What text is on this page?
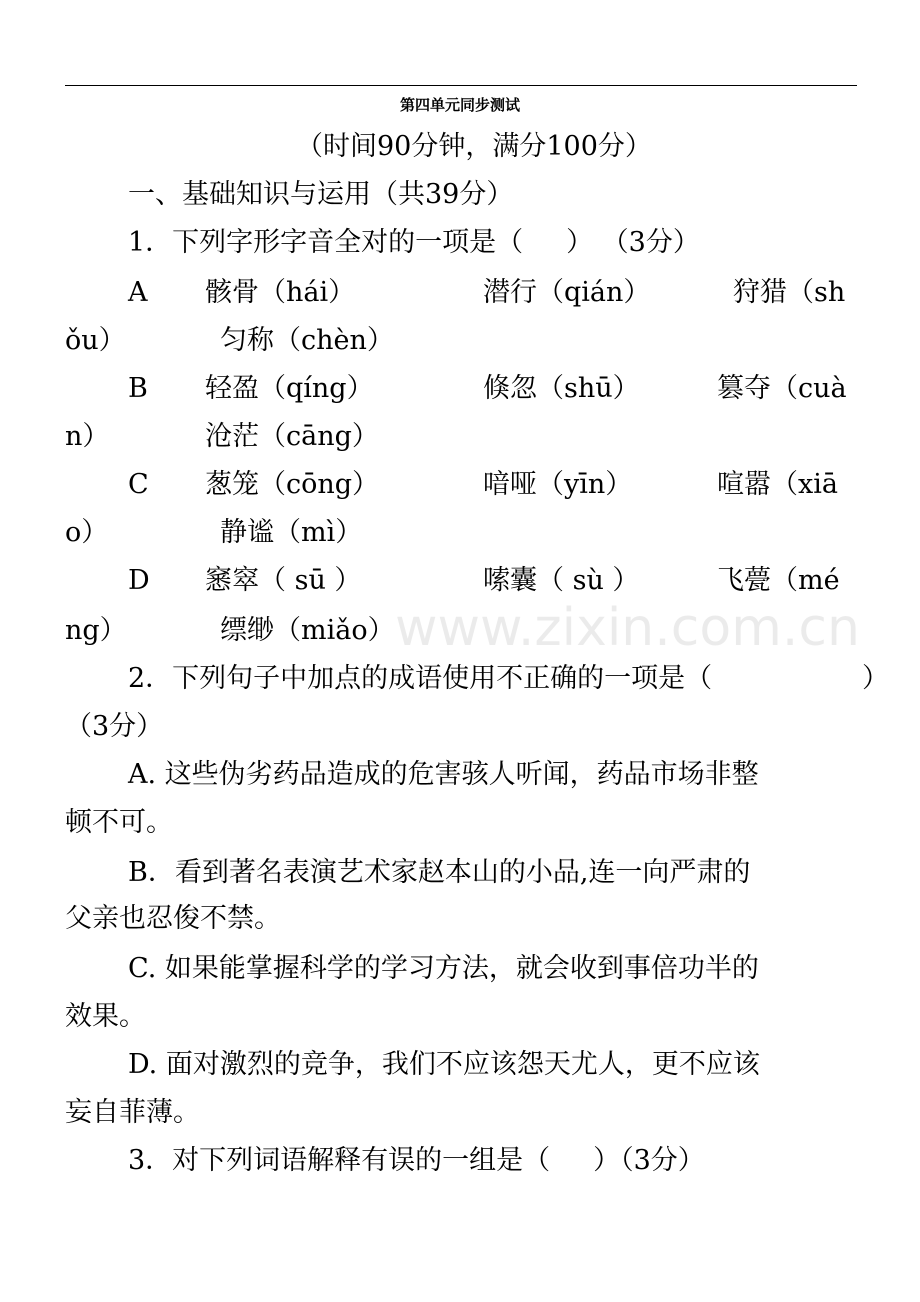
第四单元同步测试
（时间90分钟，满分100分）
一、基础知识与运用（共39分）
1．下列字形字音全对的一项是（     ） （3分）
A 骸骨（hái）	潜行（qián）	狩猎（sh
ǒu）	匀称（chèn）
B 轻盈（qíng）	倏忽（shū）	篡夺（cuà
n）	沧茫（cāng）
C 葱笼（cōng）	喑哑（yīn）	喧嚣（xiā
o）	静谧（mì）
D 窸窣（ sū ）	嗦囊（ sù ）	飞甍（mé
ng）	缥缈（miǎo） www.zixin.com.cn
2．下列句子中加点的成语使用不正确的一项是（	）
（3分）
A. 这些伪劣药品造成的危害骇人听闻，药品市场非整
顿不可。
B．看到著名表演艺术家赵本山的小品,连一向严肃的
父亲也忍俊不禁。
C. 如果能掌握科学的学习方法，就会收到事倍功半的
效果。
D. 面对激烈的竞争，我们不应该怨天尤人，更不应该
妄自菲薄。
3．对下列词语解释有误的一组是（     ）（3分）
